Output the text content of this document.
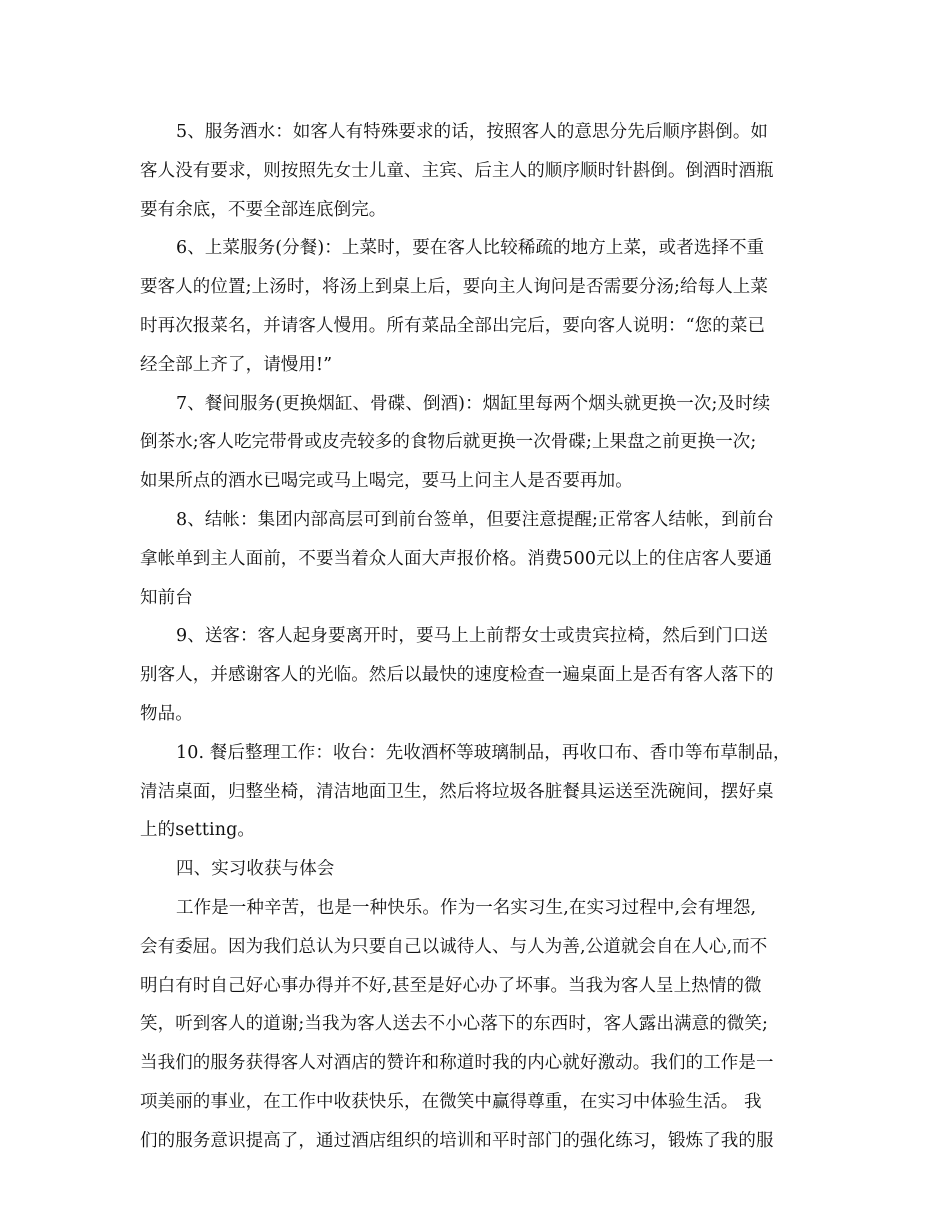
5、服务酒水：如客人有特殊要求的话，按照客人的意思分先后顺序斟倒。如
客人没有要求，则按照先女士儿童、主宾、后主人的顺序顺时针斟倒。倒酒时酒瓶
要有余底，不要全部连底倒完。
6、上菜服务(分餐)：上菜时，要在客人比较稀疏的地方上菜，或者选择不重
要客人的位置;上汤时，将汤上到桌上后，要向主人询问是否需要分汤;给每人上菜
时再次报菜名，并请客人慢用。所有菜品全部出完后，要向客人说明：“您的菜已
经全部上齐了，请慢用!”
7、餐间服务(更换烟缸、骨碟、倒酒)：烟缸里每两个烟头就更换一次;及时续
倒茶水;客人吃完带骨或皮壳较多的食物后就更换一次骨碟;上果盘之前更换一次;
如果所点的酒水已喝完或马上喝完，要马上问主人是否要再加。
8、结帐：集团内部高层可到前台签单，但要注意提醒;正常客人结帐，到前台
拿帐单到主人面前，不要当着众人面大声报价格。消费500元以上的住店客人要通
知前台
9、送客：客人起身要离开时，要马上上前帮女士或贵宾拉椅，然后到门口送
别客人，并感谢客人的光临。然后以最快的速度检查一遍桌面上是否有客人落下的
物品。
10. 餐后整理工作：收台：先收酒杯等玻璃制品，再收口布、香巾等布草制品，
清洁桌面，归整坐椅，清洁地面卫生，然后将垃圾各脏餐具运送至洗碗间，摆好桌
上的setting。
四、实习收获与体会
工作是一种辛苦，也是一种快乐。作为一名实习生,在实习过程中,会有埋怨,
会有委屈。因为我们总认为只要自己以诚待人、与人为善,公道就会自在人心,而不
明白有时自己好心事办得并不好,甚至是好心办了坏事。当我为客人呈上热情的微
笑，听到客人的道谢;当我为客人送去不小心落下的东西时，客人露出满意的微笑;
当我们的服务获得客人对酒店的赞许和称道时我的内心就好激动。我们的工作是一
项美丽的事业，在工作中收获快乐，在微笑中赢得尊重，在实习中体验生活。 我
们的服务意识提高了，通过酒店组织的培训和平时部门的强化练习，锻炼了我的服
